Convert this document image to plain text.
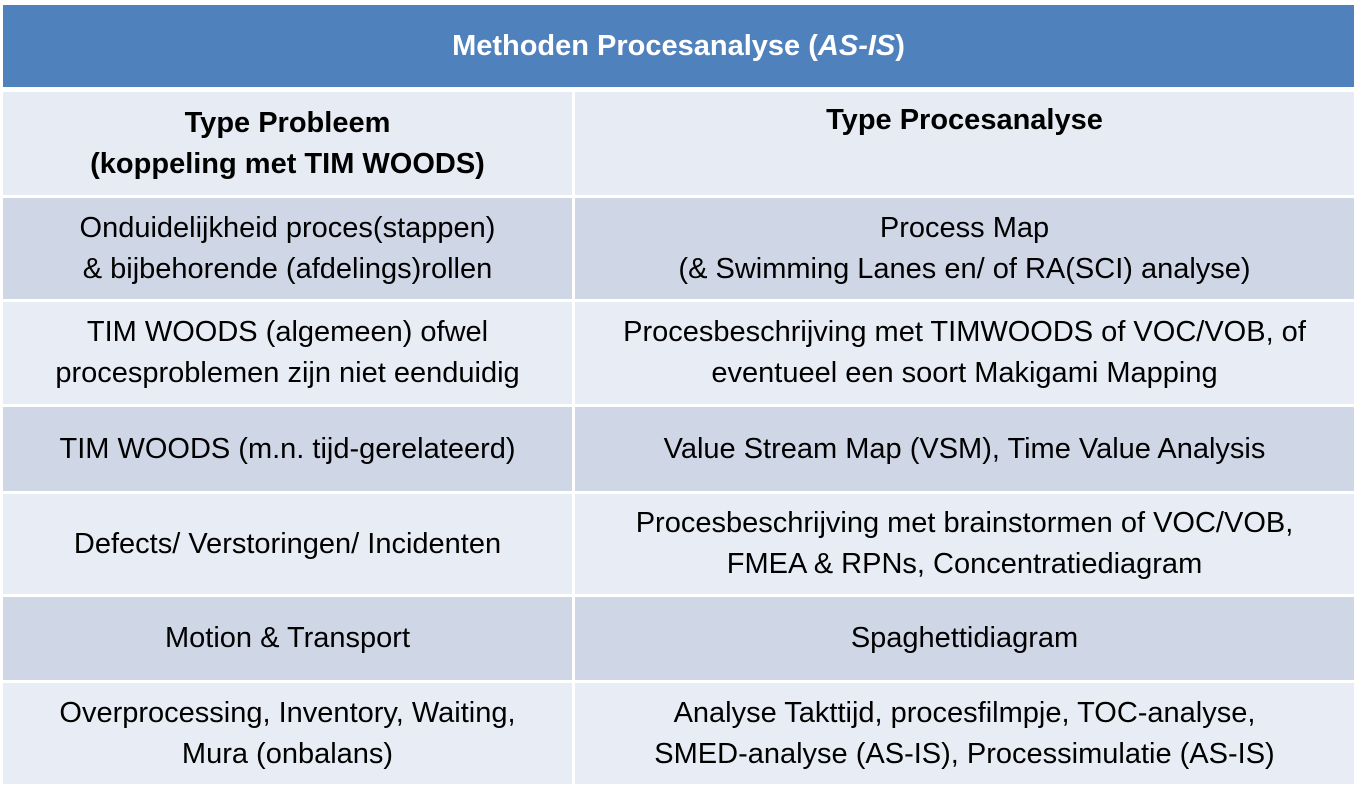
Methoden Procesanalyse ( AS-IS )
Type Probleem
(koppeling met TIM WOODS)
Type Procesanalyse
Onduidelijkheid proces(stappen)
& bijbehorende (afdelings)rollen
Process Map
(& Swimming Lanes en/ of RA(SCI) analyse)
TIM WOODS (algemeen) ofwel
procesproblemen zijn niet eenduidig
Procesbeschrijving met TIMWOODS of VOC/VOB, of
eventueel een soort Makigami Mapping
TIM WOODS (m.n. tijd-gerelateerd)	Value Stream Map (VSM), Time Value Analysis
Defects/ Verstoringen/ Incidenten
Procesbeschrijving met brainstormen of VOC/VOB,
FMEA & RPNs, Concentratiediagram
Motion & Transport	Spaghettidiagram
Overprocessing, Inventory, Waiting,
Mura (onbalans)
Analyse Takttijd, procesfilmpje, TOC-analyse,
SMED-analyse (AS-IS), Processimulatie (AS-IS)
